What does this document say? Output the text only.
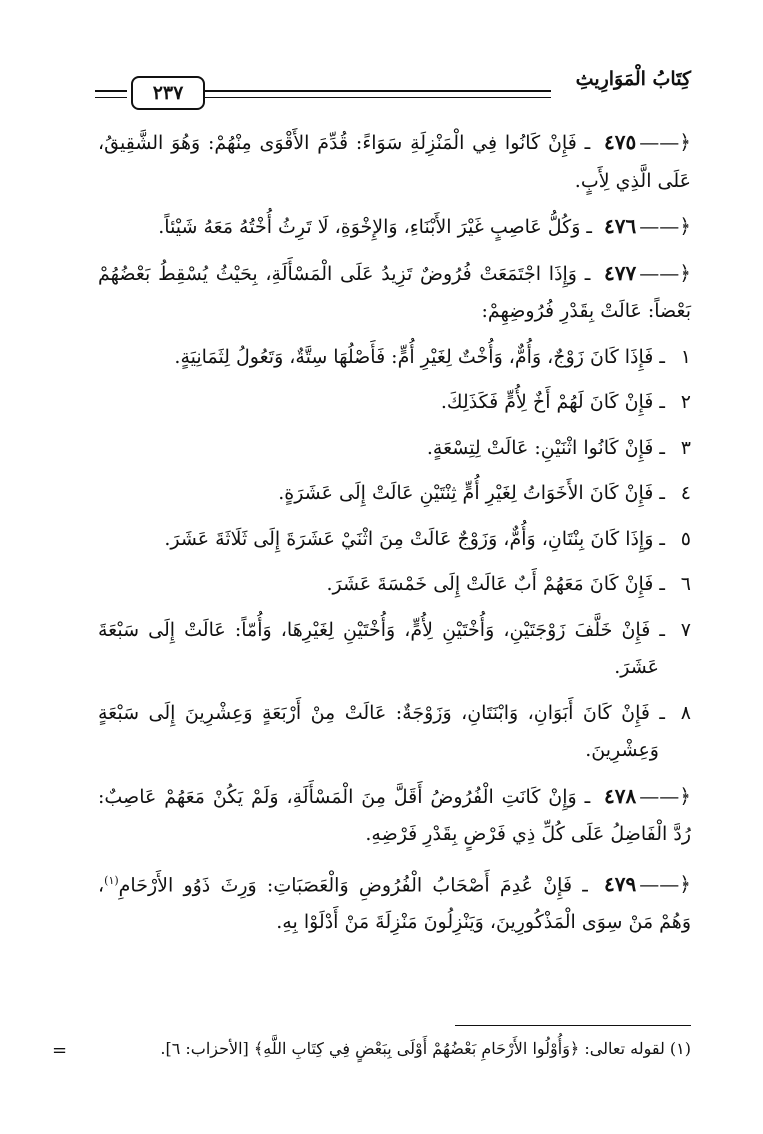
كِتَابُ الْمَوَارِيثِ
٢٣٧

﴿——٤٧٥ ـ فَإِنْ كَانُوا فِي الْمَنْزِلَةِ سَوَاءً: قُدِّمَ الأَقْوَى مِنْهُمْ: وَهُوَ الشَّقِيقُ، عَلَى الَّذِي لِأَبٍ.

﴿——٤٧٦ ـ وَكُلُّ عَاصِبٍ غَيْرَ الأَبْنَاءِ، وَالإِخْوَةِ، لَا تَرِثُ أُخْتُهُ مَعَهُ شَيْئاً.

﴿——٤٧٧ ـ وَإِذَا اجْتَمَعَتْ فُرُوضٌ تَزِيدُ عَلَى الْمَسْأَلَةِ، بِحَيْثُ يُسْقِطُ بَعْضُهُمْ بَعْضاً: عَالَتْ بِقَدْرِ فُرُوضِهِمْ:

١ـ فَإِذَا كَانَ زَوْجٌ، وَأُمٌّ، وَأُخْتٌ لِغَيْرِ أُمٍّ: فَأَصْلُهَا سِتَّةٌ، وَتَعُولُ لِثَمَانِيَةٍ.

٢ـ فَإِنْ كَانَ لَهُمْ أَخٌ لِأُمٍّ فَكَذَلِكَ.

٣ـ فَإِنْ كَانُوا اثْنَيْنِ: عَالَتْ لِتِسْعَةٍ.

٤ـ فَإِنْ كَانَ الأَخَوَاتُ لِغَيْرِ أُمٍّ ثِنْتَيْنِ عَالَتْ إِلَى عَشَرَةٍ.

٥ـ وَإِذَا كَانَ بِنْتَانِ، وَأُمٌّ، وَزَوْجٌ عَالَتْ مِنَ اثْنَيْ عَشَرَةَ إِلَى ثَلَاثَةَ عَشَرَ.

٦ـ فَإِنْ كَانَ مَعَهُمْ أَبٌ عَالَتْ إِلَى خَمْسَةَ عَشَرَ.

٧ـ فَإِنْ خَلَّفَ زَوْجَتَيْنِ، وَأُخْتَيْنِ لِأُمٍّ، وَأُخْتَيْنِ لِغَيْرِهَا، وَأُمّاً: عَالَتْ إِلَى سَبْعَةَ عَشَرَ.

٨ـ فَإِنْ كَانَ أَبَوَانِ، وَابْنَتَانِ، وَزَوْجَةٌ: عَالَتْ مِنْ أَرْبَعَةٍ وَعِشْرِينَ إِلَى سَبْعَةٍ وَعِشْرِينَ.

﴿——٤٧٨ ـ وَإِنْ كَانَتِ الْفُرُوضُ أَقَلَّ مِنَ الْمَسْأَلَةِ، وَلَمْ يَكُنْ مَعَهُمْ عَاصِبٌ: رُدَّ الْفَاضِلُ عَلَى كُلِّ ذِي فَرْضٍ بِقَدْرِ فَرْضِهِ.

﴿——٤٧٩ ـ فَإِنْ عُدِمَ أَصْحَابُ الْفُرُوضِ وَالْعَصَبَاتِ: وَرِثَ ذَوُو الأَرْحَامِ$^{(١)}$، وَهُمْ مَنْ سِوَى الْمَذْكُورِينَ، وَيَنْزِلُونَ مَنْزِلَةَ مَنْ أَدْلَوْا بِهِ.

(١) لقوله تعالى: ﴿وَأُوْلُوا الأَرْحَامِ بَعْضُهُمْ أَوْلَى بِبَعْضٍ فِي كِتَابِ اللَّهِ﴾ [الأحزاب: ٦].
=
